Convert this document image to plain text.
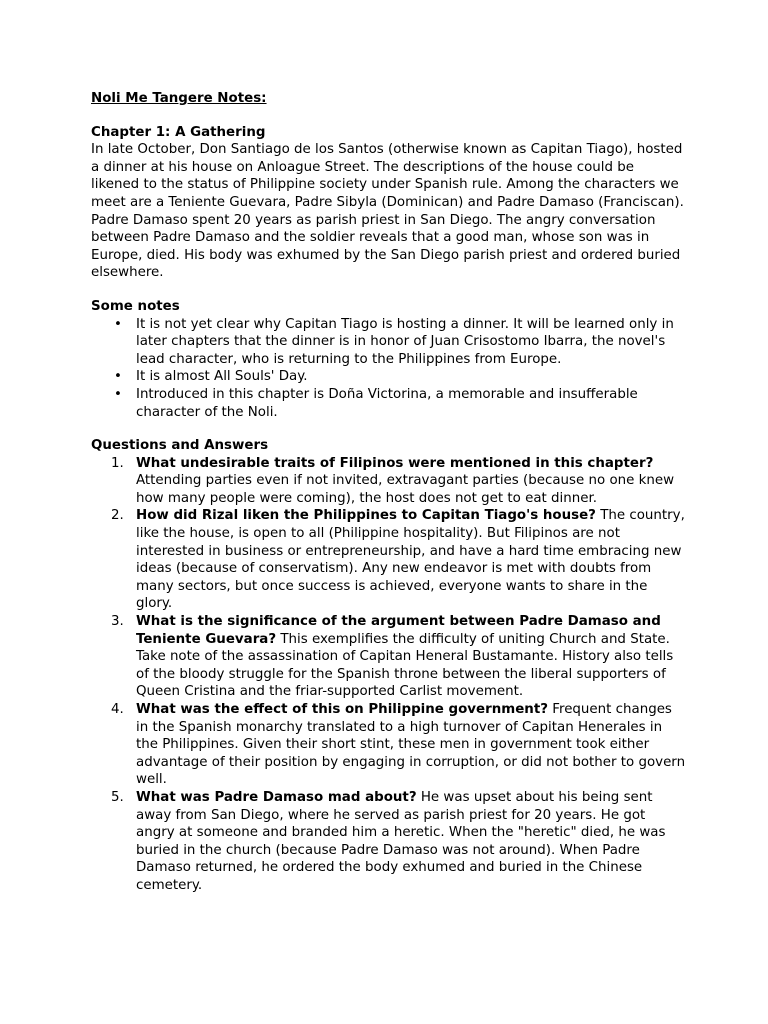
Noli Me Tangere Notes:

Chapter 1: A Gathering

In late October, Don Santiago de los Santos (otherwise known as Capitan Tiago), hosted a dinner at his house on Anloague Street. The descriptions of the house could be likened to the status of Philippine society under Spanish rule. Among the characters we meet are a Teniente Guevara, Padre Sibyla (Dominican) and Padre Damaso (Franciscan). Padre Damaso spent 20 years as parish priest in San Diego. The angry conversation between Padre Damaso and the soldier reveals that a good man, whose son was in Europe, died. His body was exhumed by the San Diego parish priest and ordered buried elsewhere.

Some notes

• It is not yet clear why Capitan Tiago is hosting a dinner. It will be learned only in later chapters that the dinner is in honor of Juan Crisostomo Ibarra, the novel's lead character, who is returning to the Philippines from Europe.
• It is almost All Souls' Day.
• Introduced in this chapter is Doña Victorina, a memorable and insufferable character of the Noli.

Questions and Answers

1. What undesirable traits of Filipinos were mentioned in this chapter? Attending parties even if not invited, extravagant parties (because no one knew how many people were coming), the host does not get to eat dinner.
2. How did Rizal liken the Philippines to Capitan Tiago's house? The country, like the house, is open to all (Philippine hospitality). But Filipinos are not interested in business or entrepreneurship, and have a hard time embracing new ideas (because of conservatism). Any new endeavor is met with doubts from many sectors, but once success is achieved, everyone wants to share in the glory.
3. What is the significance of the argument between Padre Damaso and Teniente Guevara? This exemplifies the difficulty of uniting Church and State. Take note of the assassination of Capitan Heneral Bustamante. History also tells of the bloody struggle for the Spanish throne between the liberal supporters of Queen Cristina and the friar-supported Carlist movement.
4. What was the effect of this on Philippine government? Frequent changes in the Spanish monarchy translated to a high turnover of Capitan Henerales in the Philippines. Given their short stint, these men in government took either advantage of their position by engaging in corruption, or did not bother to govern well.
5. What was Padre Damaso mad about? He was upset about his being sent away from San Diego, where he served as parish priest for 20 years. He got angry at someone and branded him a heretic. When the "heretic" died, he was buried in the church (because Padre Damaso was not around). When Padre Damaso returned, he ordered the body exhumed and buried in the Chinese cemetery.
